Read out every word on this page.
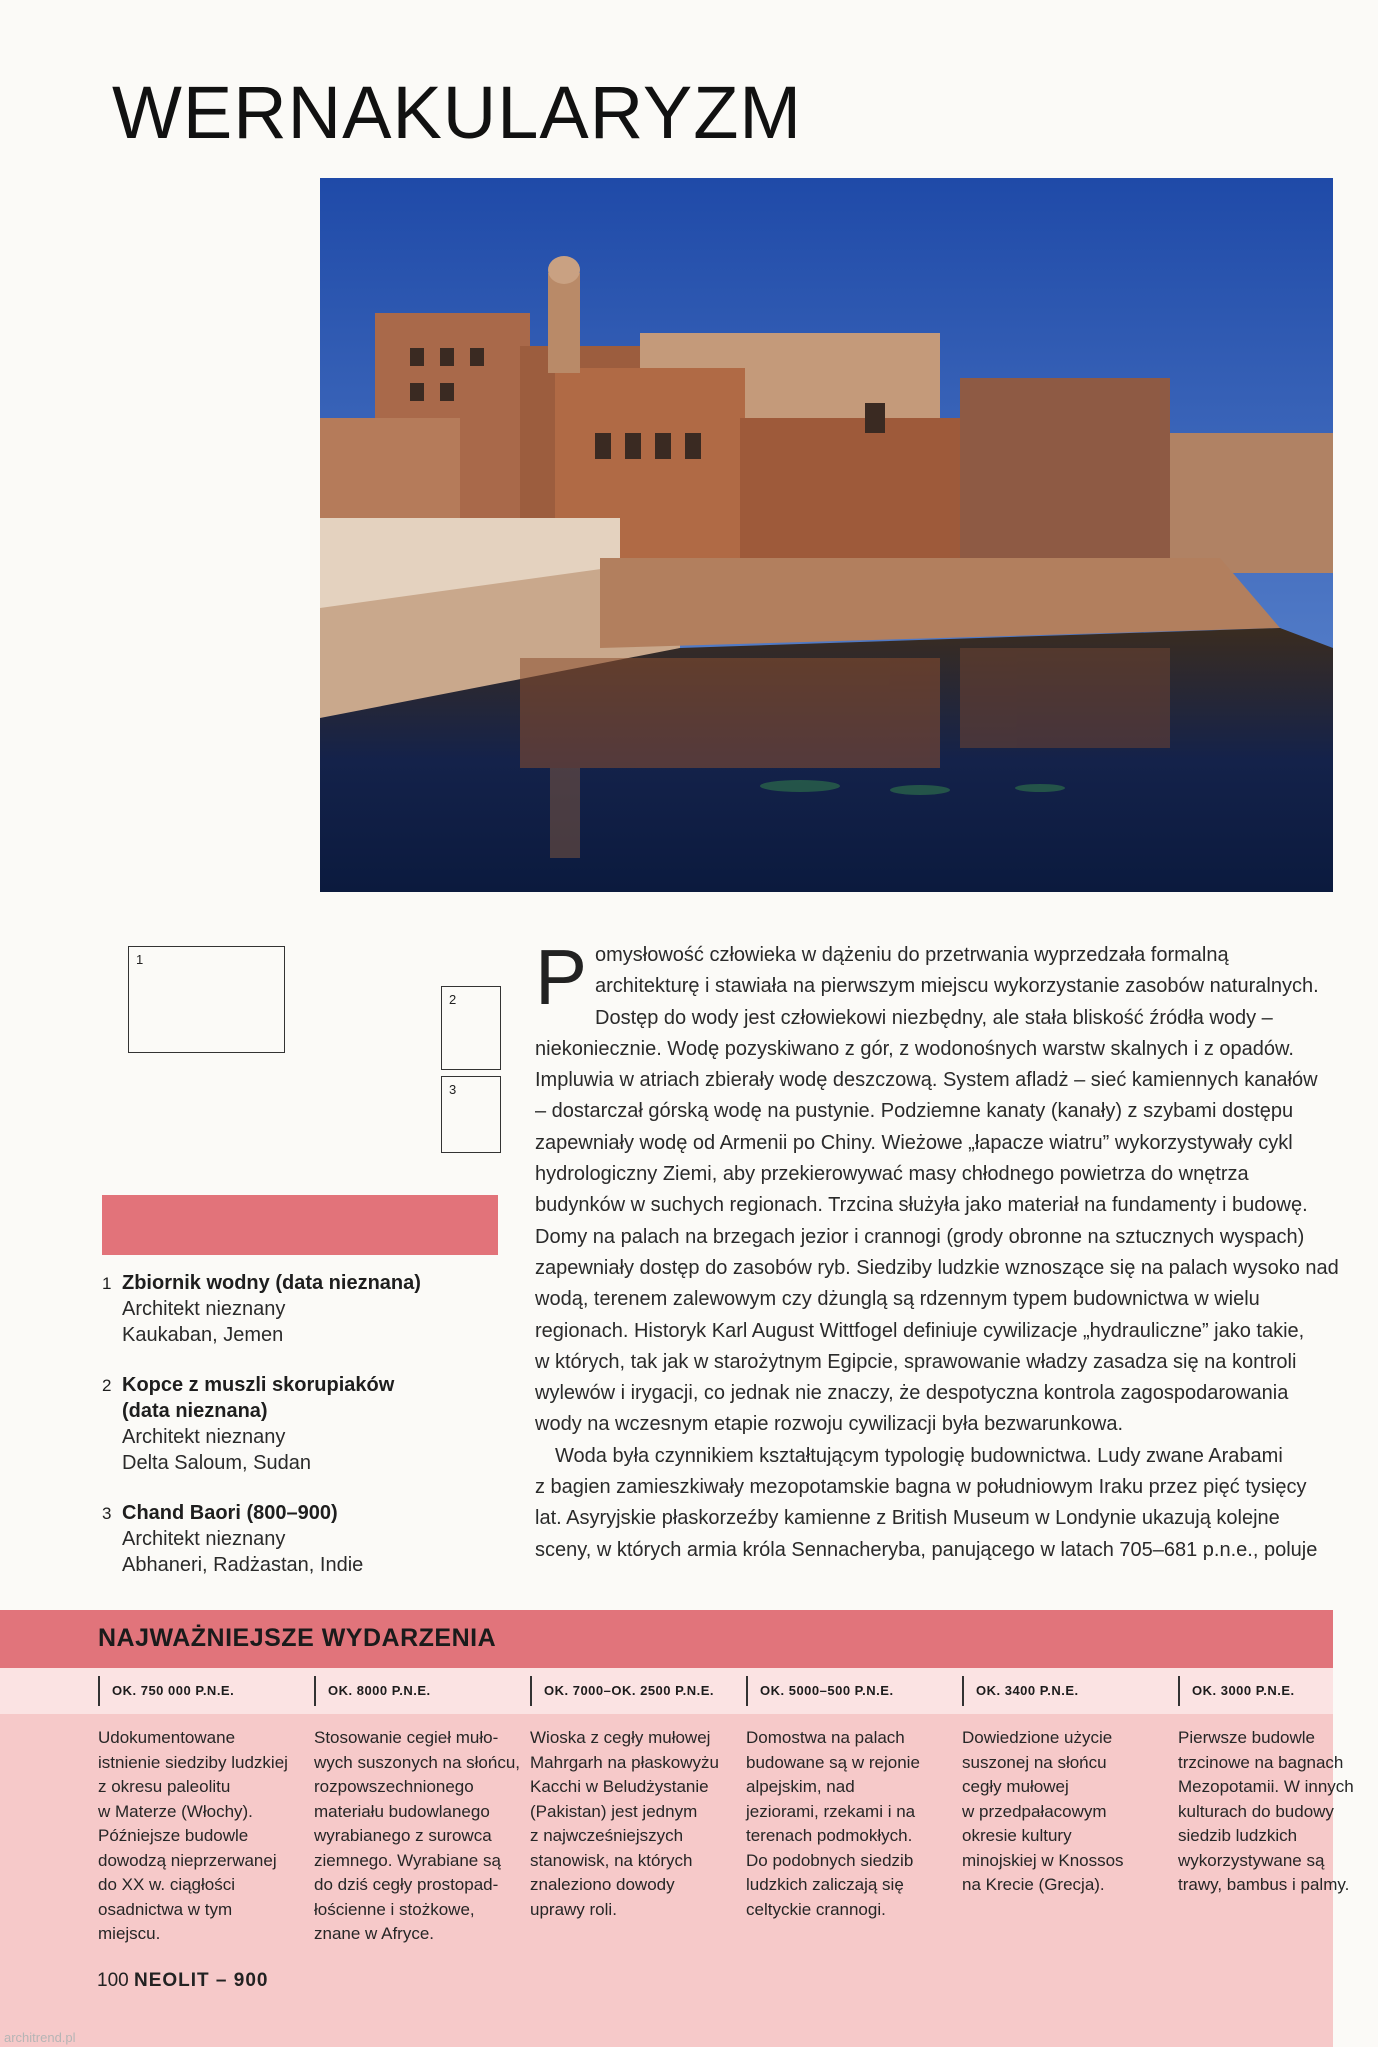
WERNAKULARYZM
1
2
3
1 Zbiornik wodny (data nieznana)
Architekt nieznany
Kaukaban, Jemen
2 Kopce z muszli skorupiaków (data nieznana)
Architekt nieznany
Delta Saloum, Sudan
3 Chand Baori (800–900)
Architekt nieznany
Abhaneri, Radżastan, Indie
P omysłowość człowieka w dążeniu do przetrwania wyprzedzała formalną
architekturę i stawiała na pierwszym miejscu wykorzystanie zasobów naturalnych.
Dostęp do wody jest człowiekowi niezbędny, ale stała bliskość źródła wody –
niekoniecznie. Wodę pozyskiwano z gór, z wodonośnych warstw skalnych i z opadów.
Impluwia w atriach zbierały wodę deszczową. System afladż – sieć kamiennych kanałów
– dostarczał górską wodę na pustynie. Podziemne kanaty (kanały) z szybami dostępu
zapewniały wodę od Armenii po Chiny. Wieżowe „łapacze wiatru” wykorzystywały cykl
hydrologiczny Ziemi, aby przekierowywać masy chłodnego powietrza do wnętrza
budynków w suchych regionach. Trzcina służyła jako materiał na fundamenty i budowę.
Domy na palach na brzegach jezior i crannogi (grody obronne na sztucznych wyspach)
zapewniały dostęp do zasobów ryb. Siedziby ludzkie wznoszące się na palach wysoko nad
wodą, terenem zalewowym czy dżunglą są rdzennym typem budownictwa w wielu
regionach. Historyk Karl August Wittfogel definiuje cywilizacje „hydrauliczne” jako takie,
w których, tak jak w starożytnym Egipcie, sprawowanie władzy zasadza się na kontroli
wylewów i irygacji, co jednak nie znaczy, że despotyczna kontrola zagospodarowania
wody na wczesnym etapie rozwoju cywilizacji była bezwarunkowa.
Woda była czynnikiem kształtującym typologię budownictwa. Ludy zwane Arabami
z bagien zamieszkiwały mezopotamskie bagna w południowym Iraku przez pięć tysięcy
lat. Asyryjskie płaskorzeźby kamienne z British Museum w Londynie ukazują kolejne
sceny, w których armia króla Sennacheryba, panującego w latach 705–681 p.n.e., poluje
NAJWAŻNIEJSZE WYDARZENIA
OK. 750 000 P.N.E.
Udokumentowane
istnienie siedziby ludzkiej
z okresu paleolitu
w Materze (Włochy).
Późniejsze budowle
dowodzą nieprzerwanej
do XX w. ciągłości
osadnictwa w tym
miejscu.
OK. 8000 P.N.E.
Stosowanie cegieł muło-
wych suszonych na słońcu,
rozpowszechnionego
materiału budowlanego
wyrabianego z surowca
ziemnego. Wyrabiane są
do dziś cegły prostopad-
łościenne i stożkowe,
znane w Afryce.
OK. 7000–OK. 2500 P.N.E.
Wioska z cegły mułowej
Mahrgarh na płaskowyżu
Kacchi w Beludżystanie
(Pakistan) jest jednym
z najwcześniejszych
stanowisk, na których
znaleziono dowody
uprawy roli.
OK. 5000–500 P.N.E.
Domostwa na palach
budowane są w rejonie
alpejskim, nad
jeziorami, rzekami i na
terenach podmokłych.
Do podobnych siedzib
ludzkich zaliczają się
celtyckie crannogi.
OK. 3400 P.N.E.
Dowiedzione użycie
suszonej na słońcu
cegły mułowej
w przedpałacowym
okresie kultury
minojskiej w Knossos
na Krecie (Grecja).
OK. 3000 P.N.E.
Pierwsze budowle
trzcinowe na bagnach
Mezopotamii. W innych
kulturach do budowy
siedzib ludzkich
wykorzystywane są
trawy, bambus i palmy.
100 NEOLIT – 900
architrend.pl
